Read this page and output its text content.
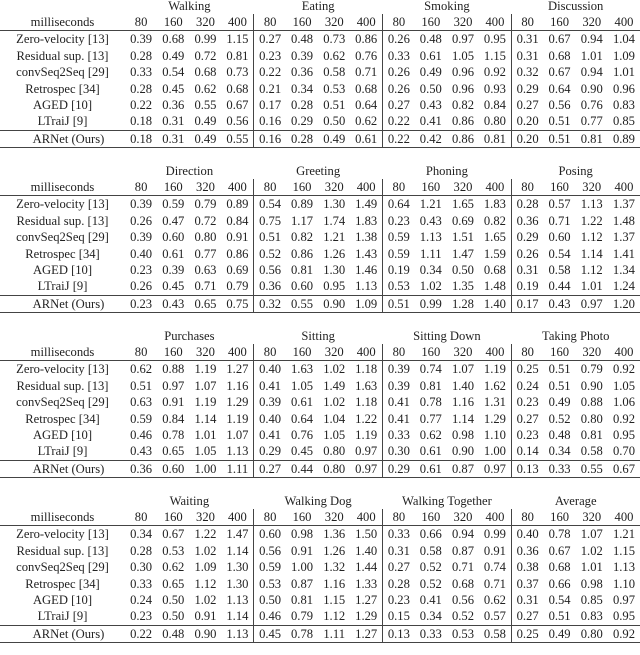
	Walking				Eating				Smoking				Discussion			
milliseconds	80	160	320	400	80	160	320	400	80	160	320	400	80	160	320	400
Zero-velocity [13]	0.39	0.68	0.99	1.15	0.27	0.48	0.73	0.86	0.26	0.48	0.97	0.95	0.31	0.67	0.94	1.04
Residual sup. [13]	0.28	0.49	0.72	0.81	0.23	0.39	0.62	0.76	0.33	0.61	1.05	1.15	0.31	0.68	1.01	1.09
convSeq2Seq [29]	0.33	0.54	0.68	0.73	0.22	0.36	0.58	0.71	0.26	0.49	0.96	0.92	0.32	0.67	0.94	1.01
Retrospec [34]	0.28	0.45	0.62	0.68	0.21	0.34	0.53	0.68	0.26	0.50	0.96	0.93	0.29	0.64	0.90	0.96
AGED [10]	0.22	0.36	0.55	0.67	0.17	0.28	0.51	0.64	0.27	0.43	0.82	0.84	0.27	0.56	0.76	0.83
LTraiJ [9]	0.18	0.31	0.49	0.56	0.16	0.29	0.50	0.62	0.22	0.41	0.86	0.80	0.20	0.51	0.77	0.85
ARNet (Ours)	0.18	0.31	0.49	0.55	0.16	0.28	0.49	0.61	0.22	0.42	0.86	0.81	0.20	0.51	0.81	0.89
	Direction				Greeting				Phoning				Posing			
milliseconds	80	160	320	400	80	160	320	400	80	160	320	400	80	160	320	400
Zero-velocity [13]	0.39	0.59	0.79	0.89	0.54	0.89	1.30	1.49	0.64	1.21	1.65	1.83	0.28	0.57	1.13	1.37
Residual sup. [13]	0.26	0.47	0.72	0.84	0.75	1.17	1.74	1.83	0.23	0.43	0.69	0.82	0.36	0.71	1.22	1.48
convSeq2Seq [29]	0.39	0.60	0.80	0.91	0.51	0.82	1.21	1.38	0.59	1.13	1.51	1.65	0.29	0.60	1.12	1.37
Retrospec [34]	0.40	0.61	0.77	0.86	0.52	0.86	1.26	1.43	0.59	1.11	1.47	1.59	0.26	0.54	1.14	1.41
AGED [10]	0.23	0.39	0.63	0.69	0.56	0.81	1.30	1.46	0.19	0.34	0.50	0.68	0.31	0.58	1.12	1.34
LTraiJ [9]	0.26	0.45	0.71	0.79	0.36	0.60	0.95	1.13	0.53	1.02	1.35	1.48	0.19	0.44	1.01	1.24
ARNet (Ours)	0.23	0.43	0.65	0.75	0.32	0.55	0.90	1.09	0.51	0.99	1.28	1.40	0.17	0.43	0.97	1.20
	Purchases				Sitting				Sitting Down				Taking Photo			
milliseconds	80	160	320	400	80	160	320	400	80	160	320	400	80	160	320	400
Zero-velocity [13]	0.62	0.88	1.19	1.27	0.40	1.63	1.02	1.18	0.39	0.74	1.07	1.19	0.25	0.51	0.79	0.92
Residual sup. [13]	0.51	0.97	1.07	1.16	0.41	1.05	1.49	1.63	0.39	0.81	1.40	1.62	0.24	0.51	0.90	1.05
convSeq2Seq [29]	0.63	0.91	1.19	1.29	0.39	0.61	1.02	1.18	0.41	0.78	1.16	1.31	0.23	0.49	0.88	1.06
Retrospec [34]	0.59	0.84	1.14	1.19	0.40	0.64	1.04	1.22	0.41	0.77	1.14	1.29	0.27	0.52	0.80	0.92
AGED [10]	0.46	0.78	1.01	1.07	0.41	0.76	1.05	1.19	0.33	0.62	0.98	1.10	0.23	0.48	0.81	0.95
LTraiJ [9]	0.43	0.65	1.05	1.13	0.29	0.45	0.80	0.97	0.30	0.61	0.90	1.00	0.14	0.34	0.58	0.70
ARNet (Ours)	0.36	0.60	1.00	1.11	0.27	0.44	0.80	0.97	0.29	0.61	0.87	0.97	0.13	0.33	0.55	0.67
	Waiting				Walking Dog				Walking Together				Average			
milliseconds	80	160	320	400	80	160	320	400	80	160	320	400	80	160	320	400
Zero-velocity [13]	0.34	0.67	1.22	1.47	0.60	0.98	1.36	1.50	0.33	0.66	0.94	0.99	0.40	0.78	1.07	1.21
Residual sup. [13]	0.28	0.53	1.02	1.14	0.56	0.91	1.26	1.40	0.31	0.58	0.87	0.91	0.36	0.67	1.02	1.15
convSeq2Seq [29]	0.30	0.62	1.09	1.30	0.59	1.00	1.32	1.44	0.27	0.52	0.71	0.74	0.38	0.68	1.01	1.13
Retrospec [34]	0.33	0.65	1.12	1.30	0.53	0.87	1.16	1.33	0.28	0.52	0.68	0.71	0.37	0.66	0.98	1.10
AGED [10]	0.24	0.50	1.02	1.13	0.50	0.81	1.15	1.27	0.23	0.41	0.56	0.62	0.31	0.54	0.85	0.97
LTraiJ [9]	0.23	0.50	0.91	1.14	0.46	0.79	1.12	1.29	0.15	0.34	0.52	0.57	0.27	0.51	0.83	0.95
ARNet (Ours)	0.22	0.48	0.90	1.13	0.45	0.78	1.11	1.27	0.13	0.33	0.53	0.58	0.25	0.49	0.80	0.92
